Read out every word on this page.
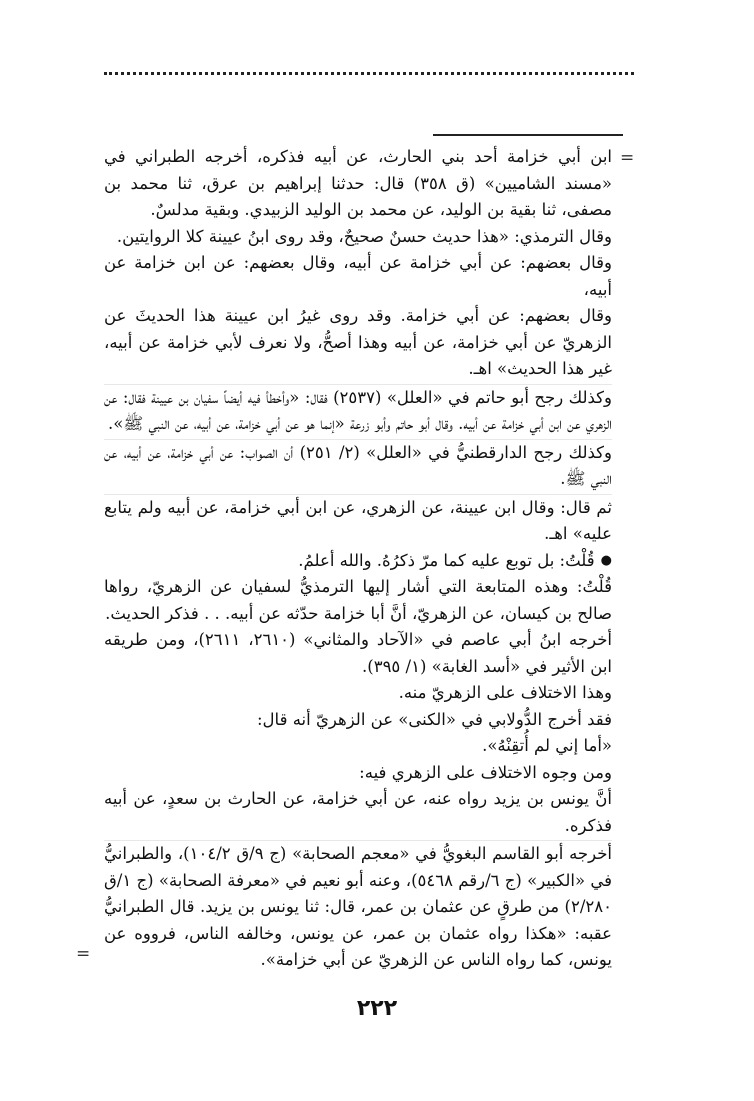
=

ابن أبي خزامة أحد بني الحارث، عن أبيه فذكره، أخرجه الطبراني في «مسند الشاميين» (ق ٣٥٨) قال: حدثنا إبراهيم بن عرق، ثنا محمد بن مصفى، ثنا بقية بن الوليد، عن محمد بن الوليد الزبيدي. وبقية مدلسٌ.

وقال الترمذي: «هذا حديث حسنٌ صحيحٌ، وقد روى ابنُ عيينة كلا الروايتين.

وقال بعضهم: عن أبي خزامة عن أبيه، وقال بعضهم: عن ابن خزامة عن أبيه،

وقال بعضهم: عن أبي خزامة. وقد روى غيرُ ابن عيينة هذا الحديثَ عن الزهريّ عن أبي خزامة، عن أبيه وهذا أصحُّ، ولا نعرف لأبي خزامة عن أبيه، غير هذا الحديث» اهـ.

وكذلك رجح أبو حاتم في «العلل» (٢٥٣٧) فقال: «وأخطأ فيه أيضاً سفيان بن عيينة فقال: عن الزهري عن ابن أبي خزامة عن أبيه. وقال أبو حاتم وأبو زرعة «إنما هو عن أبي خزامة، عن أبيه، عن النبي ﷺ».

وكذلك رجح الدارقطنيُّ في «العلل» (٢/ ٢٥١) أن الصواب: عن أبي خزامة، عن أبيه، عن النبي ﷺ.

ثم قال: وقال ابن عيينة، عن الزهري، عن ابن أبي خزامة، عن أبيه ولم يتابع عليه» اهـ.

●قُلْتُ: بل توبع عليه كما مرّ ذكرُهُ. والله أعلمُ.

قُلْتُ: وهذه المتابعة التي أشار إليها الترمذيُّ لسفيان عن الزهريّ، رواها صالح بن كيسان، عن الزهريّ، أنَّ أبا خزامة حدّثه عن أبيه. . . فذكر الحديث.

أخرجه ابنُ أبي عاصم في «الآحاد والمثاني» (٢٦١٠، ٢٦١١)، ومن طريقه ابن الأثير في «أسد الغابة» (١/ ٣٩٥).

وهذا الاختلاف على الزهريّ منه.

فقد أخرج الدُّولابي في «الكنى» عن الزهريّ أنه قال:

«أما إني لم أُتقِنْهُ».

ومن وجوه الاختلاف على الزهري فيه:

أنَّ يونس بن يزيد رواه عنه، عن أبي خزامة، عن الحارث بن سعدٍ، عن أبيه فذكره.

أخرجه أبو القاسم البغويُّ في «معجم الصحابة» (ج ٩/ق ١٠٤/٢)، والطبرانيُّ في «الكبير» (ج ٦/رقم ٥٤٦٨)، وعنه أبو نعيم في «معرفة الصحابة» (ج ١/ق ٢/٢٨٠) من طرقٍ عن عثمان بن عمر، قال: ثنا يونس بن يزيد. قال الطبرانيُّ عقبه: «هكذا رواه عثمان بن عمر، عن يونس، وخالفه الناس، فرووه عن يونس، كما رواه الناس عن الزهريّ عن أبي خزامة».

=
٢٢٢
